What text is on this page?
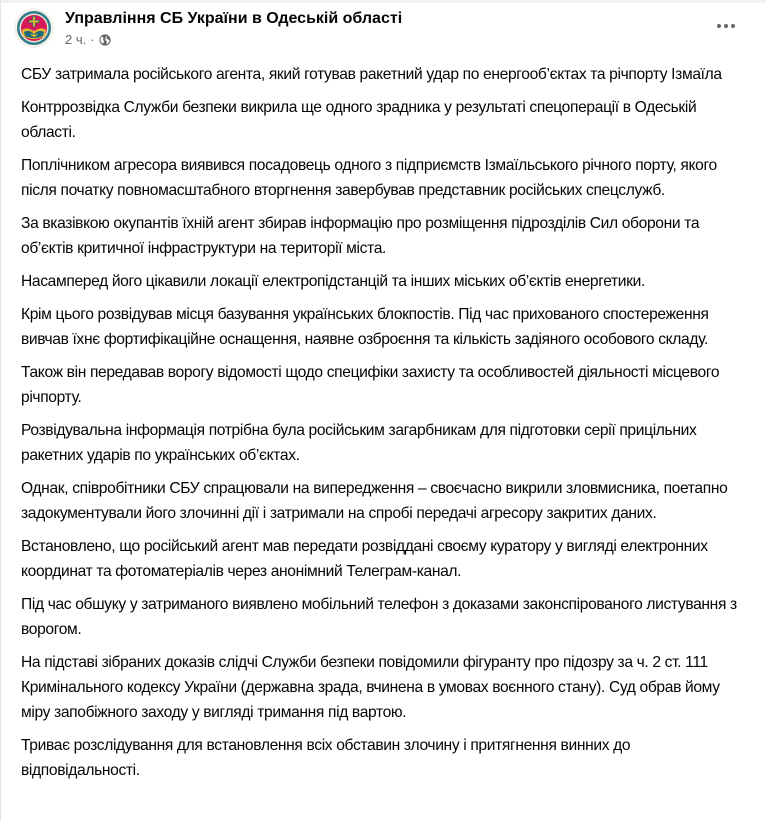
Управління СБ України в Одеській області
2 ч. ·

СБУ затримала російського агента, який готував ракетний удар по енергооб’єктах та річпорту Ізмаїла

Контррозвідка Служби безпеки викрила ще одного зрадника у результаті спецоперації в Одеській області.

Поплічником агресора виявився посадовець одного з підприємств Ізмаїльського річного порту, якого після початку повномасштабного вторгнення завербував представник російських спецслужб.

За вказівкою окупантів їхній агент збирав інформацію про розміщення підрозділів Сил оборони та об’єктів критичної інфраструктури на території міста.

Насамперед його цікавили локації електропідстанцій та інших міських об’єктів енергетики.

Крім цього розвідував місця базування українських блокпостів. Під час прихованого спостереження вивчав їхнє фортифікаційне оснащення, наявне озброєння та кількість задіяного особового складу.

Також він передавав ворогу відомості щодо специфіки захисту та особливостей діяльності місцевого річпорту.

Розвідувальна інформація потрібна була російським загарбникам для підготовки серії прицільних ракетних ударів по українських об’єктах.

Однак, співробітники СБУ спрацювали на випередження – своєчасно викрили зловмисника, поетапно задокументували його злочинні дії і затримали на спробі передачі агресору закритих даних.

Встановлено, що російський агент мав передати розвіддані своєму куратору у вигляді електронних координат та фотоматеріалів через анонімний Телеграм-канал.

Під час обшуку у затриманого виявлено мобільний телефон з доказами законспірованого листування з ворогом.

На підставі зібраних доказів слідчі Служби безпеки повідомили фігуранту про підозру за ч. 2 ст. 111 Кримінального кодексу України (державна зрада, вчинена в умовах воєнного стану). Суд обрав йому міру запобіжного заходу у вигляді тримання під вартою.

Триває розслідування для встановлення всіх обставин злочину і притягнення винних до відповідальності.
